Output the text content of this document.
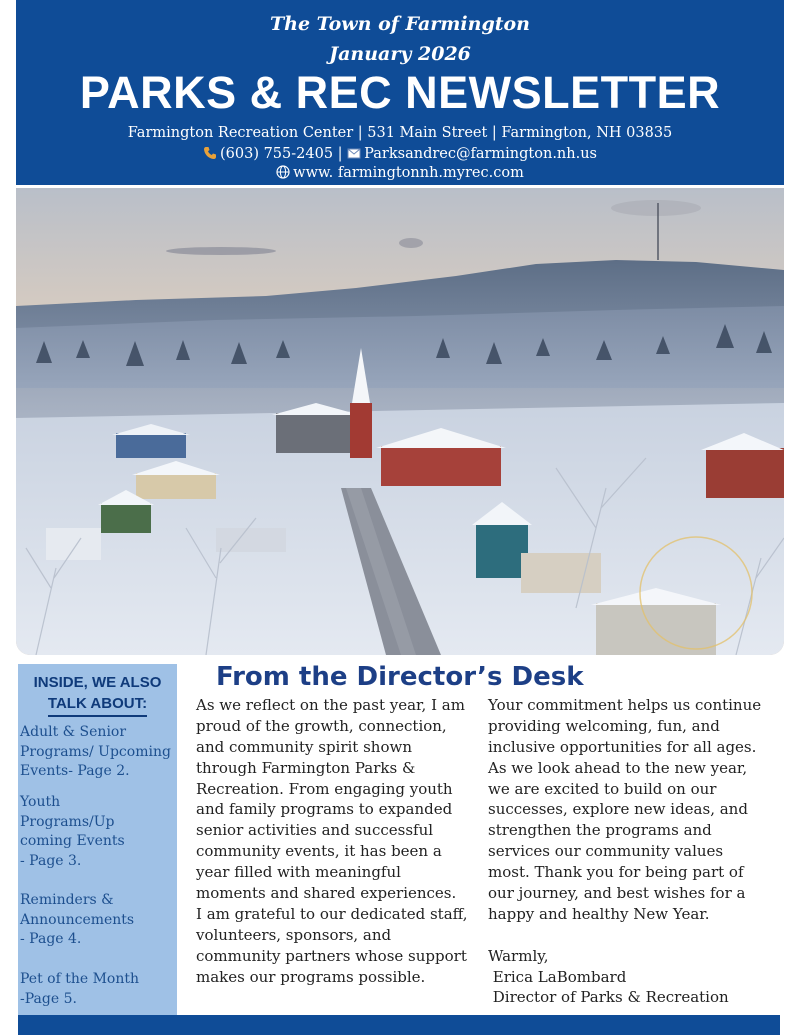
The Town of Farmington
January 2026
PARKS & REC NEWSLETTER
Farmington Recreation Center | 531 Main Street | Farmington, NH 03835
(603) 755-2405 | Parksandrec@farmington.nh.us
www. farmingtonnh.myrec.com
INSIDE, WE ALSO
TALK ABOUT:
Adult & Senior
Programs/ Upcoming
Events- Page 2.
Youth
Programs/Up
coming Events
- Page 3.
Reminders &
Announcements
- Page 4.
Pet of the Month
-Page 5.
From the Director’s Desk
As we reflect on the past year, I am
proud of the growth, connection,
and community spirit shown
through Farmington Parks &
Recreation. From engaging youth
and family programs to expanded
senior activities and successful
community events, it has been a
year filled with meaningful
moments and shared experiences.
I am grateful to our dedicated staff,
volunteers, sponsors, and
community partners whose support
makes our programs possible.
Your commitment helps us continue
providing welcoming, fun, and
inclusive opportunities for all ages.
As we look ahead to the new year,
we are excited to build on our
successes, explore new ideas, and
strengthen the programs and
services our community values
most. Thank you for being part of
our journey, and best wishes for a
happy and healthy New Year.
Warmly,
Erica LaBombard
Director of Parks & Recreation
